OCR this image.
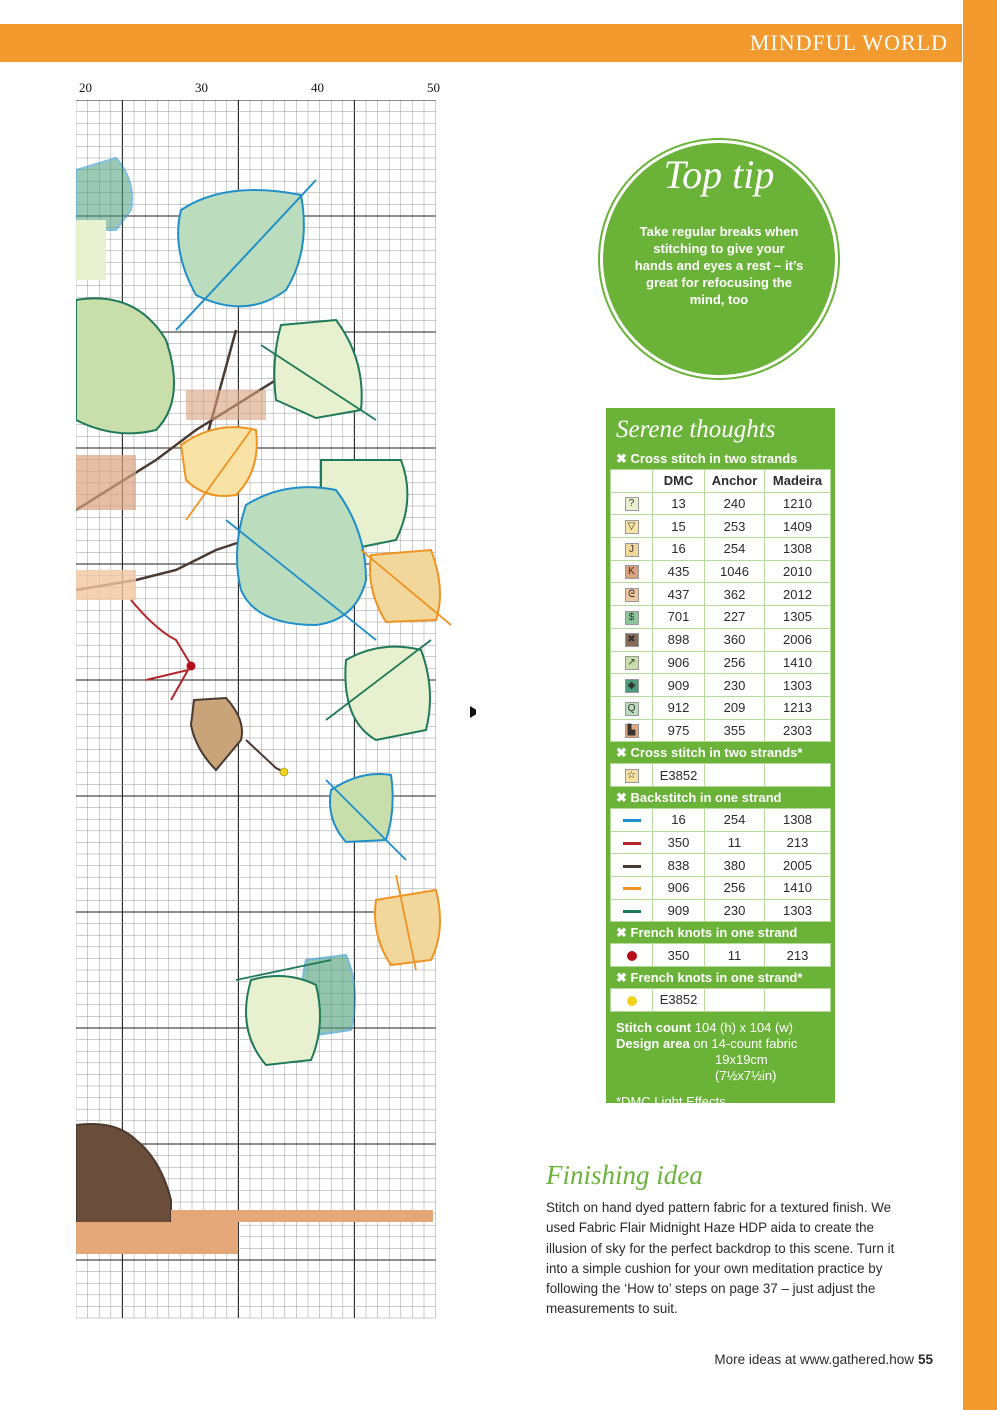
MINDFUL WORLD
20	30	40	50
Top tip
Take regular breaks when stitching to give your hands and eyes a rest – it’s great for refocusing the mind, too
Serene thoughts
✖ Cross stitch in two strands
	DMC	Anchor	Madeira
?	13	240	1210
▽	15	253	1409
J	16	254	1308
K	435	1046	2010
ᘓ	437	362	2012
$	701	227	1305
✖	898	360	2006
↗	906	256	1410
◆	909	230	1303
Q	912	209	1213
▙	975	355	2303
✖ Cross stitch in two strands*
☆	E3852		
✖ Backstitch in one strand
	16	254	1308
	350	11	213
	838	380	2005
	906	256	1410
	909	230	1303
✖ French knots in one strand
	350	11	213
✖ French knots in one strand*
	E3852		
Stitch count 104 (h) x 104 (w)
Design area on 14-count fabric
19x19cm (7½x7½in)
*DMC Light Effects
Finishing idea
Stitch on hand dyed pattern fabric for a textured finish. We used Fabric Flair Midnight Haze HDP aida to create the illusion of sky for the perfect backdrop to this scene. Turn it into a simple cushion for your own meditation practice by following the ‘How to’ steps on page 37 – just adjust the measurements to suit.
More ideas at www.gathered.how 55
